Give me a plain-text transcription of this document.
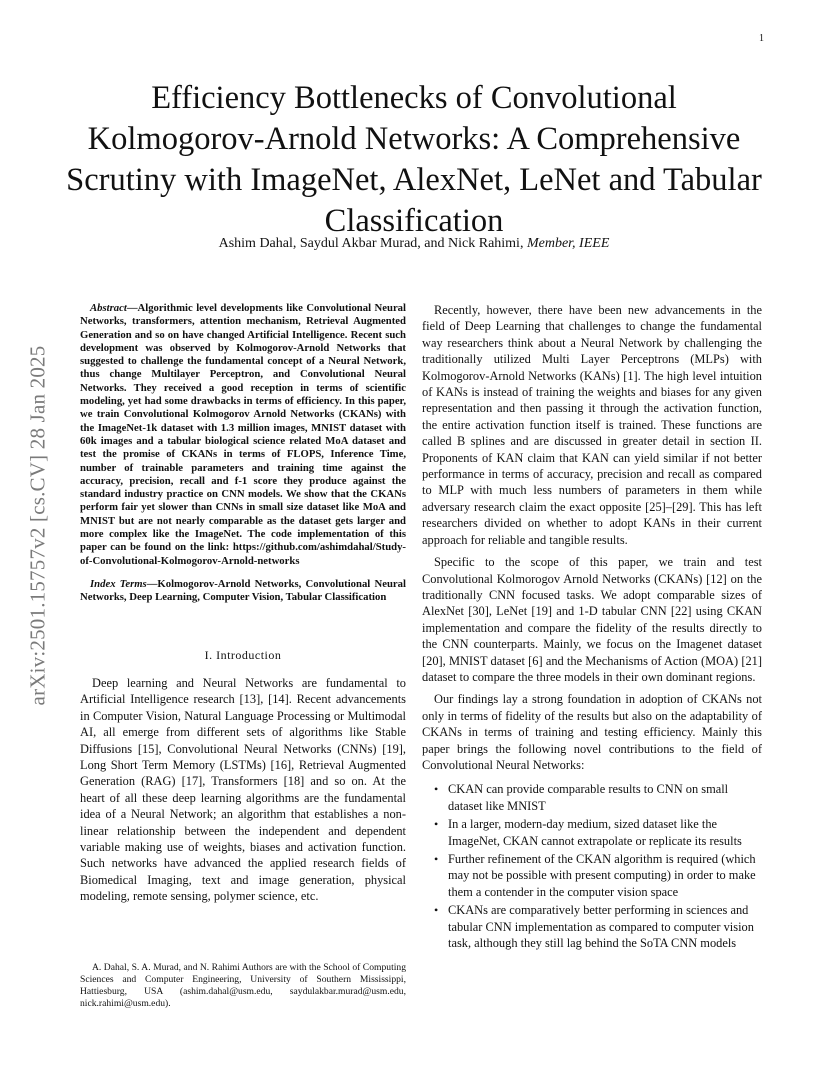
1
arXiv:2501.15757v2 [cs.CV] 28 Jan 2025
Efficiency Bottlenecks of Convolutional Kolmogorov-Arnold Networks: A Comprehensive Scrutiny with ImageNet, AlexNet, LeNet and Tabular Classification
Ashim Dahal, Saydul Akbar Murad, and Nick Rahimi, Member, IEEE

Abstract—Algorithmic level developments like Convolutional Neural Networks, transformers, attention mechanism, Retrieval Augmented Generation and so on have changed Artificial Intelligence. Recent such development was observed by Kolmogorov-Arnold Networks that suggested to challenge the fundamental concept of a Neural Network, thus change Multilayer Perceptron, and Convolutional Neural Networks. They received a good reception in terms of scientific modeling, yet had some drawbacks in terms of efficiency. In this paper, we train Convolutional Kolmogorov Arnold Networks (CKANs) with the ImageNet-1k dataset with 1.3 million images, MNIST dataset with 60k images and a tabular biological science related MoA dataset and test the promise of CKANs in terms of FLOPS, Inference Time, number of trainable parameters and training time against the accuracy, precision, recall and f-1 score they produce against the standard industry practice on CNN models. We show that the CKANs perform fair yet slower than CNNs in small size dataset like MoA and MNIST but are not nearly comparable as the dataset gets larger and more complex like the ImageNet. The code implementation of this paper can be found on the link: https://github.com/ashimdahal/Study-of-Convolutional-Kolmogorov-Arnold-networks

Index Terms—Kolmogorov-Arnold Networks, Convolutional Neural Networks, Deep Learning, Computer Vision, Tabular Classification

I. Introduction

Deep learning and Neural Networks are fundamental to Artificial Intelligence research [13], [14]. Recent advancements in Computer Vision, Natural Language Processing or Multimodal AI, all emerge from different sets of algorithms like Stable Diffusions [15], Convolutional Neural Networks (CNNs) [19], Long Short Term Memory (LSTMs) [16], Retrieval Augmented Generation (RAG) [17], Transformers [18] and so on. At the heart of all these deep learning algorithms are the fundamental idea of a Neural Network; an algorithm that establishes a non-linear relationship between the independent and dependent variable making use of weights, biases and activation function. Such networks have advanced the applied research fields of Biomedical Imaging, text and image generation, physical modeling, remote sensing, polymer science, etc.

A. Dahal, S. A. Murad, and N. Rahimi Authors are with the School of Computing Sciences and Computer Engineering, University of Southern Mississippi, Hattiesburg, USA (ashim.dahal@usm.edu, saydulakbar.murad@usm.edu, nick.rahimi@usm.edu).

Recently, however, there have been new advancements in the field of Deep Learning that challenges to change the fundamental way researchers think about a Neural Network by challenging the traditionally utilized Multi Layer Perceptrons (MLPs) with Kolmogorov-Arnold Networks (KANs) [1]. The high level intuition of KANs is instead of training the weights and biases for any given representation and then passing it through the activation function, the entire activation function itself is trained. These functions are called B splines and are discussed in greater detail in section II. Proponents of KAN claim that KAN can yield similar if not better performance in terms of accuracy, precision and recall as compared to MLP with much less numbers of parameters in them while adversary research claim the exact opposite [25]–[29]. This has left researchers divided on whether to adopt KANs in their current approach for reliable and tangible results.

Specific to the scope of this paper, we train and test Convolutional Kolmorogov Arnold Networks (CKANs) [12] on the traditionally CNN focused tasks. We adopt comparable sizes of AlexNet [30], LeNet [19] and 1-D tabular CNN [22] using CKAN implementation and compare the fidelity of the results directly to the CNN counterparts. Mainly, we focus on the Imagenet dataset [20], MNIST dataset [6] and the Mechanisms of Action (MOA) [21] dataset to compare the three models in their own dominant regions.

Our findings lay a strong foundation in adoption of CKANs not only in terms of fidelity of the results but also on the adaptability of CKANs in terms of training and testing efficiency. Mainly this paper brings the following novel contributions to the field of Convolutional Neural Networks:

• CKAN can provide comparable results to CNN on small dataset like MNIST
• In a larger, modern-day medium, sized dataset like the ImageNet, CKAN cannot extrapolate or replicate its results
• Further refinement of the CKAN algorithm is required (which may not be possible with present computing) in order to make them a contender in the computer vision space
• CKANs are comparatively better performing in sciences and tabular CNN implementation as compared to computer vision task, although they still lag behind the SoTA CNN models
